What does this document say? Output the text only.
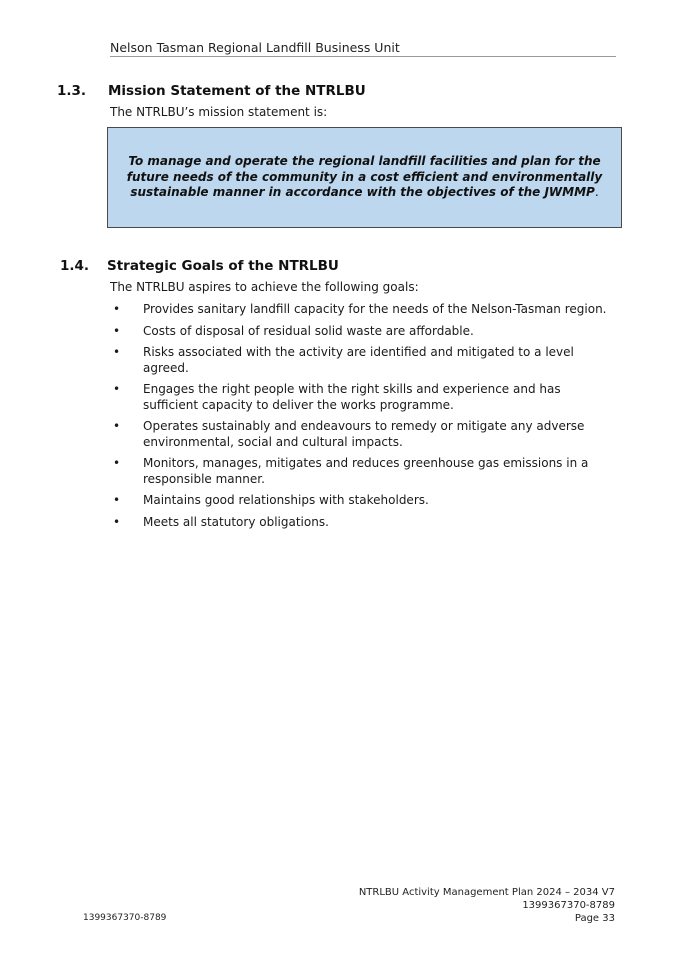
Nelson Tasman Regional Landfill Business Unit
1.3. Mission Statement of the NTRLBU
The NTRLBU’s mission statement is:
To manage and operate the regional landfill facilities and plan for the future needs of the community in a cost efficient and environmentally sustainable manner in accordance with the objectives of the JWMMP.
1.4. Strategic Goals of the NTRLBU
The NTRLBU aspires to achieve the following goals:
• Provides sanitary landfill capacity for the needs of the Nelson-Tasman region.
• Costs of disposal of residual solid waste are affordable.
• Risks associated with the activity are identified and mitigated to a level agreed.
• Engages the right people with the right skills and experience and has sufficient capacity to deliver the works programme.
• Operates sustainably and endeavours to remedy or mitigate any adverse environmental, social and cultural impacts.
• Monitors, manages, mitigates and reduces greenhouse gas emissions in a responsible manner.
• Maintains good relationships with stakeholders.
• Meets all statutory obligations.
NTRLBU Activity Management Plan 2024 – 2034 V7
1399367370-8789
Page 33
1399367370-8789
